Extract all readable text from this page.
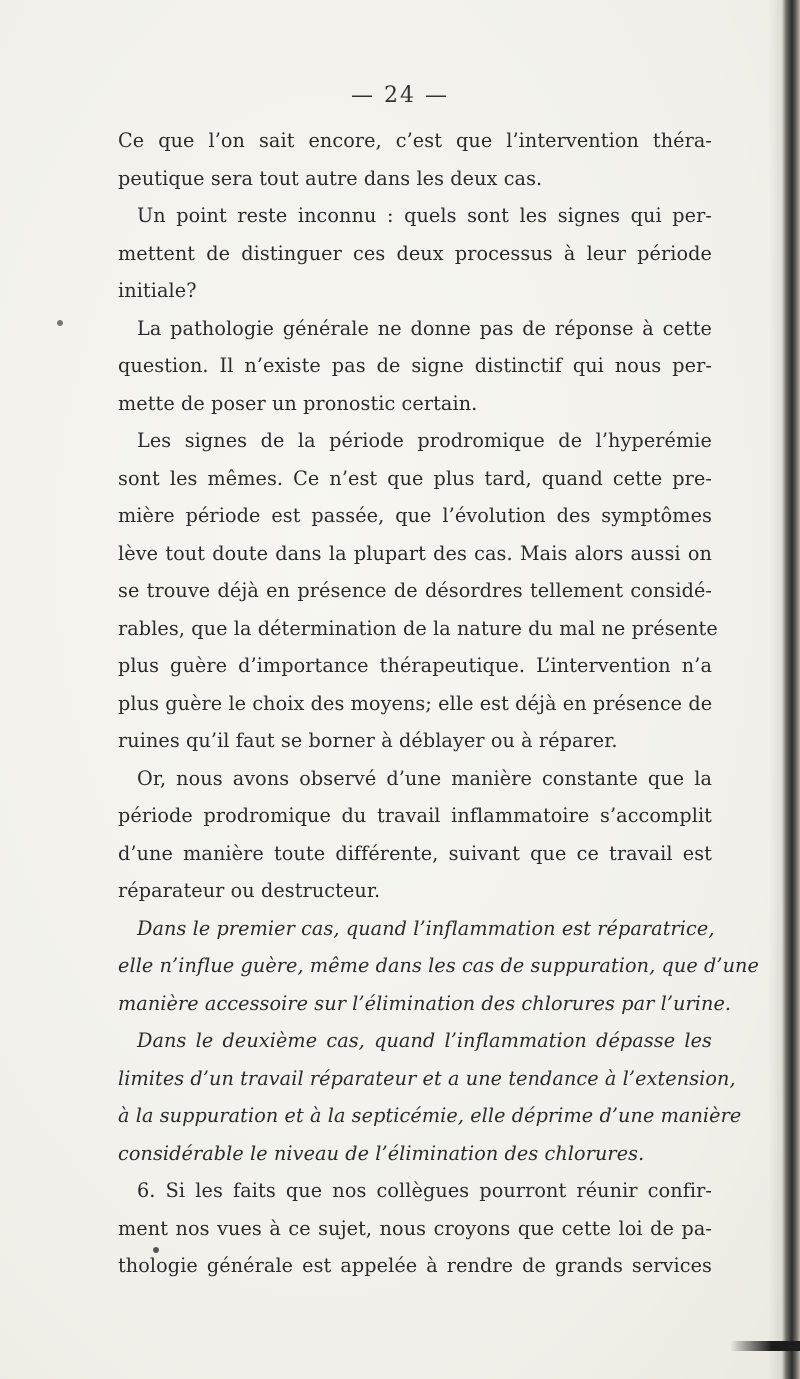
— 24 —
Ce que l’on sait encore, c’est que l’intervention théra-
peutique sera tout autre dans les deux cas.
Un point reste inconnu : quels sont les signes qui per-
mettent de distinguer ces deux processus à leur période
initiale?
La pathologie générale ne donne pas de réponse à cette
question. Il n’existe pas de signe distinctif qui nous per-
mette de poser un pronostic certain.
Les signes de la période prodromique de l’hyperémie
sont les mêmes. Ce n’est que plus tard, quand cette pre-
mière période est passée, que l’évolution des symptômes
lève tout doute dans la plupart des cas. Mais alors aussi on
se trouve déjà en présence de désordres tellement considé-
rables, que la détermination de la nature du mal ne présente
plus guère d’importance thérapeutique. L’intervention n’a
plus guère le choix des moyens; elle est déjà en présence de
ruines qu’il faut se borner à déblayer ou à réparer.
Or, nous avons observé d’une manière constante que la
période prodromique du travail inflammatoire s’accomplit
d’une manière toute différente, suivant que ce travail est
réparateur ou destructeur.
Dans le premier cas, quand l’inflammation est réparatrice,
elle n’influe guère, même dans les cas de suppuration, que d’une
manière accessoire sur l’élimination des chlorures par l’urine.
Dans le deuxième cas, quand l’inflammation dépasse les
limites d’un travail réparateur et a une tendance à l’extension,
à la suppuration et à la septicémie, elle déprime d’une manière
considérable le niveau de l’élimination des chlorures.
6. Si les faits que nos collègues pourront réunir confir-
ment nos vues à ce sujet, nous croyons que cette loi de pa-
thologie générale est appelée à rendre de grands services
